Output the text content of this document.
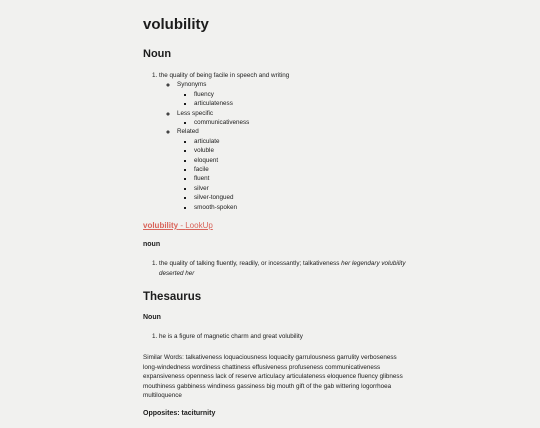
volubility
Noun
1. the quality of being facile in speech and writing
◦ Synonyms
▪ fluency
▪ articulateness
◦ Less specific
▪ communicativeness
◦ Related
▪ articulate
▪ voluble
▪ eloquent
▪ facile
▪ fluent
▪ silver
▪ silver-tongued
▪ smooth-spoken
volubility - LookUp
noun
1. the quality of talking fluently, readily, or incessantly; talkativeness her legendary volubility deserted her
Thesaurus
Noun
1. he is a figure of magnetic charm and great volubility

Similar Words: talkativeness loquaciousness loquacity garrulousness garrulity verboseness long-windedness wordiness chattiness effusiveness profuseness communicativeness expansiveness openness lack of reserve articulacy articulateness eloquence fluency glibness mouthiness gabbiness windiness gassiness big mouth gift of the gab wittering logorrhoea multiloquence

Opposites: taciturnity
